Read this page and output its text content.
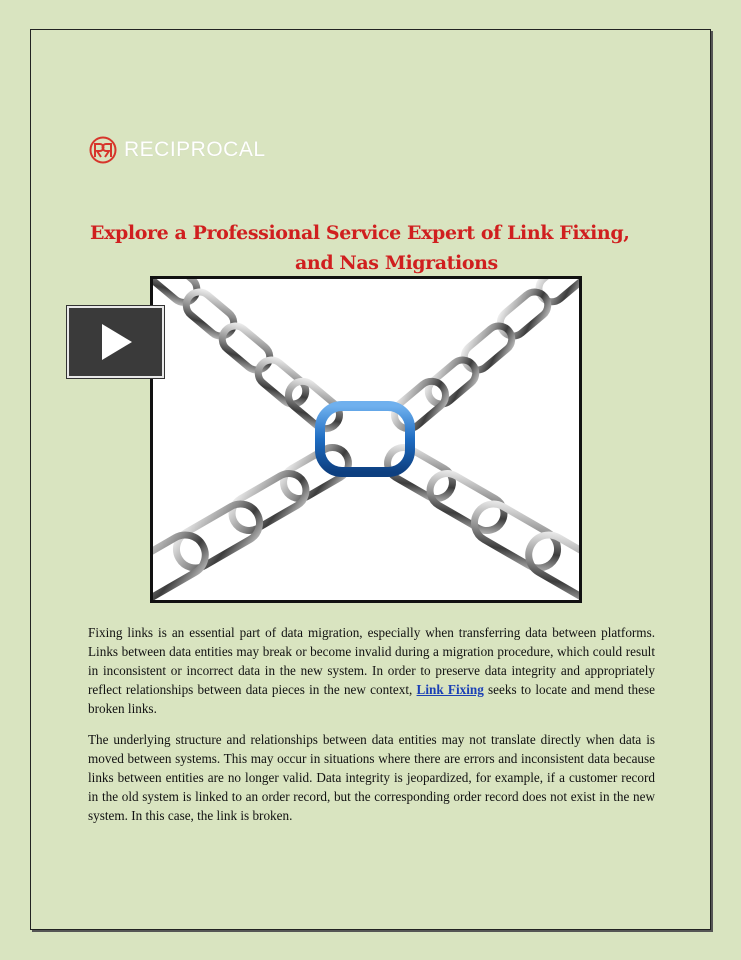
RECIPROCAL
Explore a Professional Service Expert of Link Fixing,
and Nas Migrations

Fixing links is an essential part of data migration, especially when transferring data between platforms. Links between data entities may break or become invalid during a migration procedure, which could result in inconsistent or incorrect data in the new system. In order to preserve data integrity and appropriately reflect relationships between data pieces in the new context, Link Fixing seeks to locate and mend these broken links.

The underlying structure and relationships between data entities may not translate directly when data is moved between systems. This may occur in situations where there are errors and inconsistent data because links between entities are no longer valid. Data integrity is jeopardized, for example, if a customer record in the old system is linked to an order record, but the corresponding order record does not exist in the new system. In this case, the link is broken.
